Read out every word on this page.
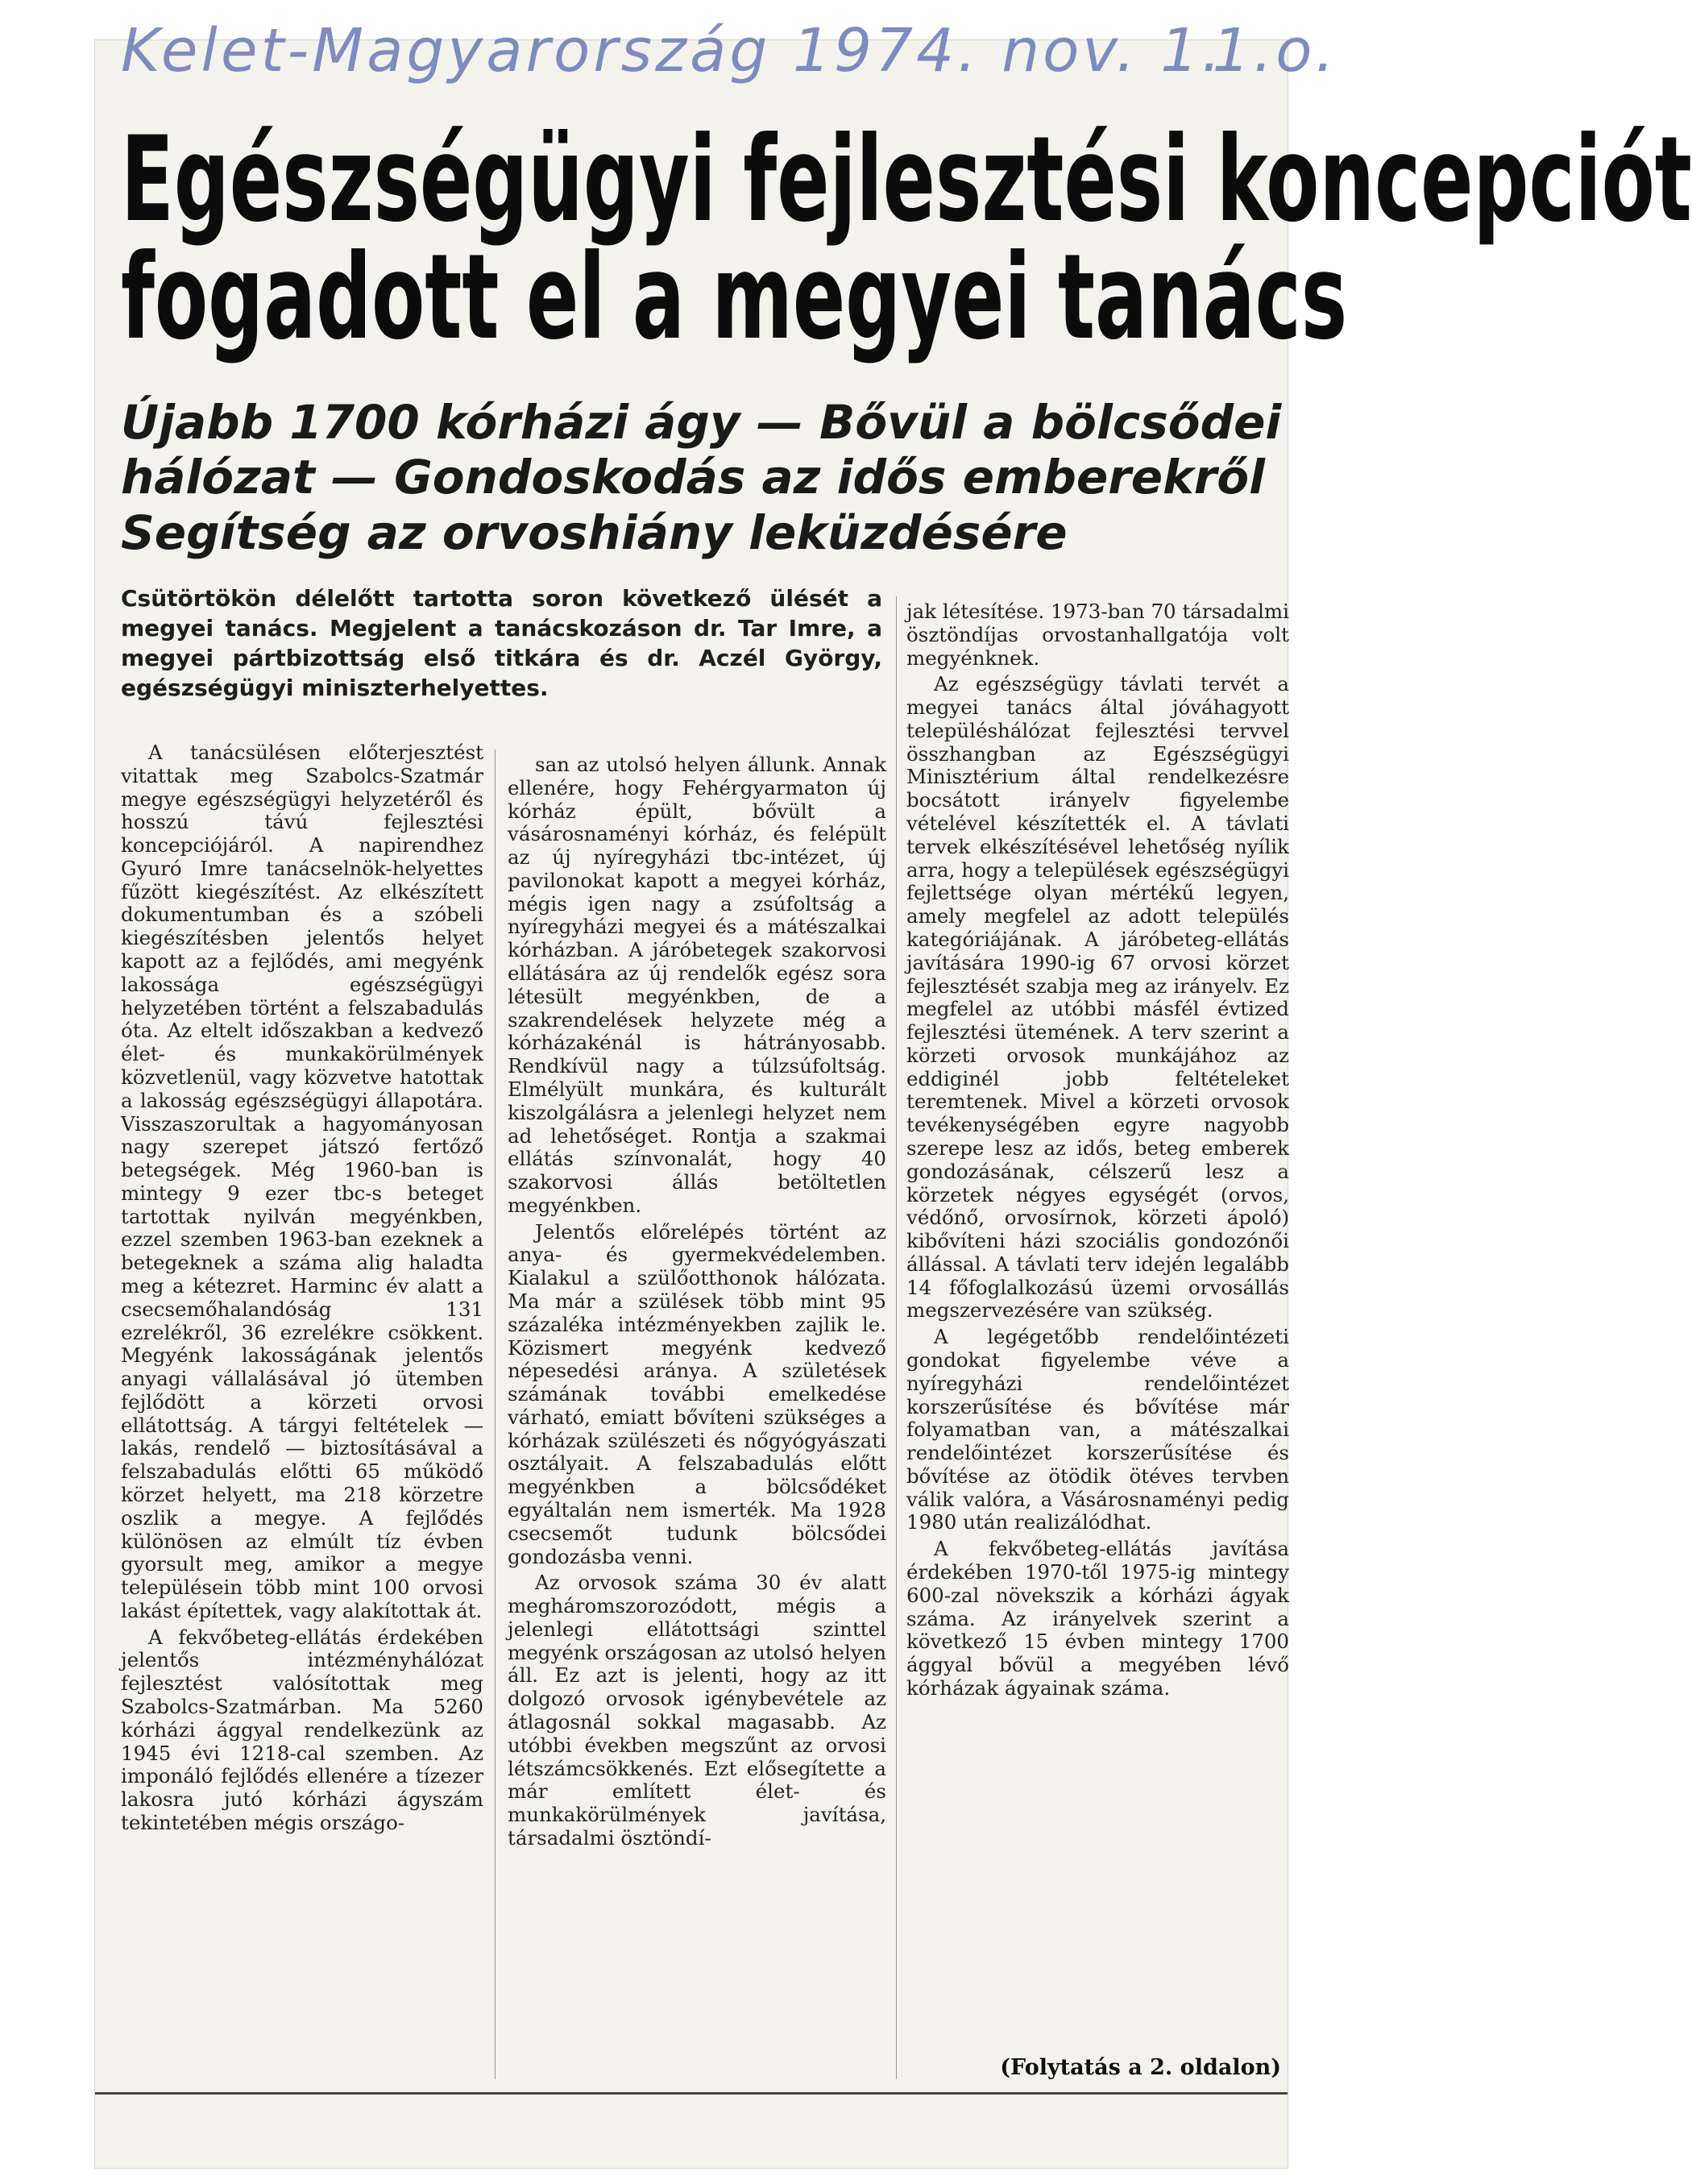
Kelet-Magyarország 1974. nov. 1.
1.o.
Egészségügyi fejlesztési koncepciót
fogadott el a megyei tanács
Újabb 1700 kórházi ágy — Bővül a bölcsődei
hálózat — Gondoskodás az idős emberekről
Segítség az orvoshiány leküzdésére
Csütörtökön délelőtt tartotta soron következő ülését a megyei tanács. Megjelent a tanácskozáson dr. Tar Imre, a megyei pártbizottság első titkára és dr. Aczél György, egészségügyi miniszterhelyettes.

A tanácsülésen előterjesztést vitattak meg Szabolcs-Szatmár megye egészségügyi helyzetéről és hosszú távú fejlesztési koncepciójáról. A napirendhez Gyuró Imre tanácselnök-helyettes fűzött kiegészítést. Az elkészített dokumentumban és a szóbeli kiegészítésben jelentős helyet kapott az a fejlődés, ami megyénk lakossága egészségügyi helyzetében történt a felszabadulás óta. Az eltelt időszakban a kedvező élet- és munkakörülmények közvetlenül, vagy közvetve hatottak a lakosság egészségügyi állapotára. Visszaszorultak a hagyományosan nagy szerepet játszó fertőző betegségek. Még 1960-ban is mintegy 9 ezer tbc-s beteget tartottak nyilván megyénkben, ezzel szemben 1963-ban ezeknek a betegeknek a száma alig haladta meg a kétezret. Harminc év alatt a csecsemőhalandóság 131 ezrelékről, 36 ezrelékre csökkent. Megyénk lakosságának jelentős anyagi vállalásával jó ütemben fejlődött a körzeti orvosi ellátottság. A tárgyi feltételek — lakás, rendelő — biztosításával a felszabadulás előtti 65 működő körzet helyett, ma 218 körzetre oszlik a megye. A fejlődés különösen az elmúlt tíz évben gyorsult meg, amikor a megye településein több mint 100 orvosi lakást építettek, vagy alakítottak át.

A fekvőbeteg-ellátás érdekében jelentős intézményhálózat fejlesztést valósítottak meg Szabolcs-Szatmárban. Ma 5260 kórházi ággyal rendelkezünk az 1945 évi 1218-cal szemben. Az imponáló fejlődés ellenére a tízezer lakosra jutó kórházi ágyszám tekintetében mégis országo-

san az utolsó helyen állunk. Annak ellenére, hogy Fehérgyarmaton új kórház épült, bővült a vásárosnaményi kórház, és felépült az új nyíregyházi tbc-intézet, új pavilonokat kapott a megyei kórház, mégis igen nagy a zsúfoltság a nyíregyházi megyei és a mátészalkai kórházban. A járóbetegek szakorvosi ellátására az új rendelők egész sora létesült megyénkben, de a szakrendelések helyzete még a kórházakénál is hátrányosabb. Rendkívül nagy a túlzsúfoltság. Elmélyült munkára, és kulturált kiszolgálásra a jelenlegi helyzet nem ad lehetőséget. Rontja a szakmai ellátás színvonalát, hogy 40 szakorvosi állás betöltetlen megyénkben.

Jelentős előrelépés történt az anya- és gyermekvédelemben. Kialakul a szülőotthonok hálózata. Ma már a szülések több mint 95 százaléka intézményekben zajlik le. Közismert megyénk kedvező népesedési aránya. A születések számának további emelkedése várható, emiatt bővíteni szükséges a kórházak szülészeti és nőgyógyászati osztályait. A felszabadulás előtt megyénkben a bölcsődéket egyáltalán nem ismerték. Ma 1928 csecsemőt tudunk bölcsődei gondozásba venni.

Az orvosok száma 30 év alatt megháromszorozódott, mégis a jelenlegi ellátottsági szinttel megyénk országosan az utolsó helyen áll. Ez azt is jelenti, hogy az itt dolgozó orvosok igénybevétele az átlagosnál sokkal magasabb. Az utóbbi években megszűnt az orvosi létszámcsökkenés. Ezt elősegítette a már említett élet- és munkakörülmények javítása, társadalmi ösztöndí-

jak létesítése. 1973-ban 70 társadalmi ösztöndíjas orvostanhallgatója volt megyénknek.

Az egészségügy távlati tervét a megyei tanács által jóváhagyott településhálózat fejlesztési tervvel összhangban az Egészségügyi Minisztérium által rendelkezésre bocsátott irányelv figyelembe vételével készítették el. A távlati tervek elkészítésével lehetőség nyílik arra, hogy a települések egészségügyi fejlettsége olyan mértékű legyen, amely megfelel az adott település kategóriájának. A járóbeteg-ellátás javítására 1990-ig 67 orvosi körzet fejlesztését szabja meg az irányelv. Ez megfelel az utóbbi másfél évtized fejlesztési ütemének. A terv szerint a körzeti orvosok munkájához az eddiginél jobb feltételeket teremtenek. Mivel a körzeti orvosok tevékenységében egyre nagyobb szerepe lesz az idős, beteg emberek gondozásának, célszerű lesz a körzetek négyes egységét (orvos, védőnő, orvosírnok, körzeti ápoló) kibővíteni házi szociális gondozónői állással. A távlati terv idején legalább 14 főfoglalkozású üzemi orvosállás megszervezésére van szükség.

A legégetőbb rendelőintézeti gondokat figyelembe véve a nyíregyházi rendelőintézet korszerűsítése és bővítése már folyamatban van, a mátészalkai rendelőintézet korszerűsítése és bővítése az ötödik ötéves tervben válik valóra, a Vásárosnaményi pedig 1980 után realizálódhat.

A fekvőbeteg-ellátás javítása érdekében 1970-től 1975-ig mintegy 600-zal növekszik a kórházi ágyak száma. Az irányelvek szerint a következő 15 évben mintegy 1700 ággyal bővül a megyében lévő kórházak ágyainak száma.

(Folytatás a 2. oldalon)
